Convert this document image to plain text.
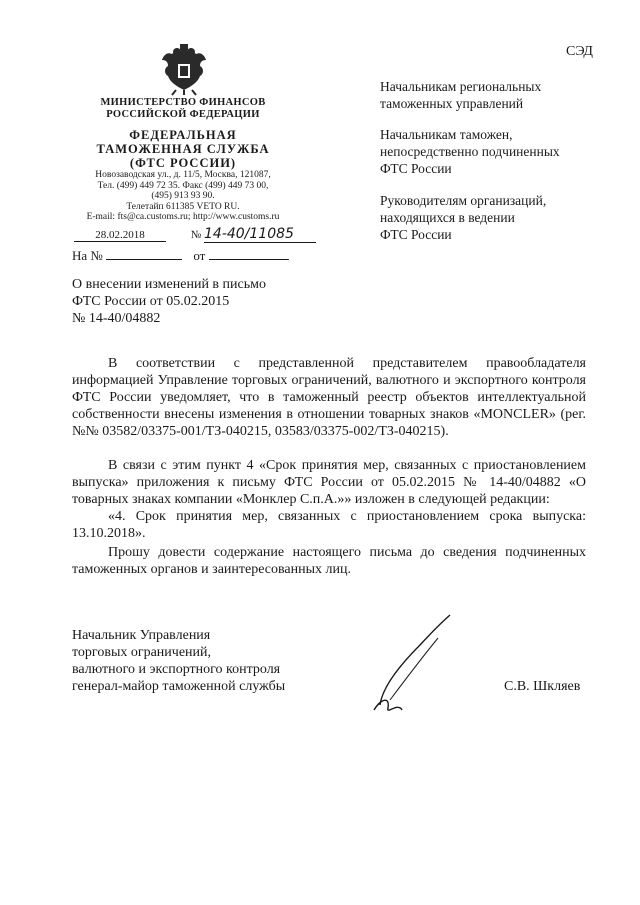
СЭД
МИНИСТЕРСТВО ФИНАНСОВ
РОССИЙСКОЙ ФЕДЕРАЦИИ
ФЕДЕРАЛЬНАЯ
ТАМОЖЕННАЯ СЛУЖБА
(ФТС РОССИИ)
Новозаводская ул., д. 11/5, Москва, 121087,
Тел. (499) 449 72 35. Факс (499) 449 73 00,
(495) 913 93 90.
Телетайп 611385 VETO RU.
E-mail: fts@ca.customs.ru; http://www.customs.ru
Начальникам региональных
таможенных управлений
Начальникам таможен,
непосредственно подчиненных
ФТС России
Руководителям организаций,
находящихся в ведении
ФТС России
28.02.2018	№ 14-40/11085
На №	от
О внесении изменений в письмо
ФТС России от 05.02.2015
№ 14-40/04882

В соответствии с представленной представителем правообладателя информацией Управление торговых ограничений, валютного и экспортного контроля ФТС России уведомляет, что в таможенный реестр объектов интеллектуальной собственности внесены изменения в отношении товарных знаков «MONCLER» (рег. №№ 03582/03375-001/ТЗ-040215, 03583/03375-002/ТЗ-040215).

В связи с этим пункт 4 «Срок принятия мер, связанных с приостановлением выпуска» приложения к письму ФТС России от 05.02.2015 № 14-40/04882 «О товарных знаках компании «Монклер С.п.А.»» изложен в следующей редакции:

«4. Срок принятия мер, связанных с приостановлением срока выпуска: 13.10.2018».

Прошу довести содержание настоящего письма до сведения подчиненных таможенных органов и заинтересованных лиц.

Начальник Управления
торговых ограничений,
валютного и экспортного контроля
генерал-майор таможенной службы	С.В. Шкляев
